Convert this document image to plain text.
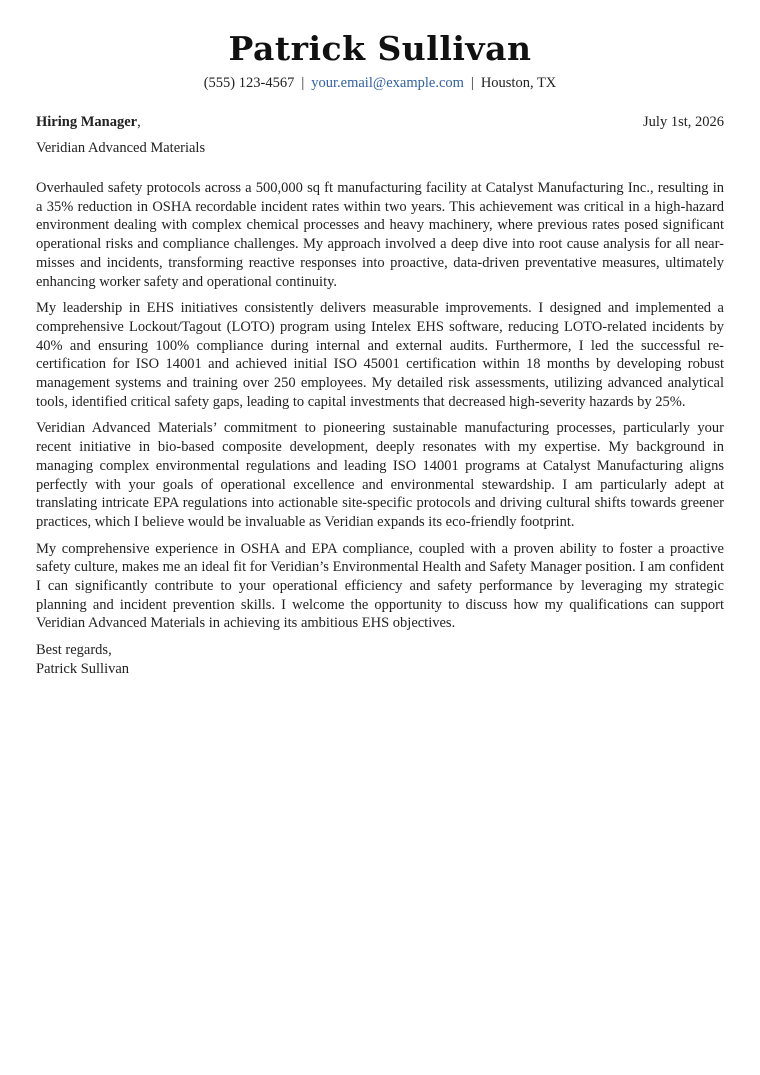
Patrick Sullivan
(555) 123-4567 | your.email@example.com | Houston, TX
Hiring Manager,	July 1st, 2026
Veridian Advanced Materials

Overhauled safety protocols across a 500,000 sq ft manufacturing facility at Catalyst Manufacturing Inc., resulting in a 35% reduction in OSHA recordable incident rates within two years. This achievement was critical in a high-hazard environment dealing with complex chemical processes and heavy machinery, where previous rates posed significant operational risks and compliance challenges. My approach involved a deep dive into root cause analysis for all near-misses and incidents, transforming reactive responses into proactive, data-driven preventative measures, ultimately enhancing worker safety and operational continuity.

My leadership in EHS initiatives consistently delivers measurable improvements. I designed and implemented a comprehensive Lockout/Tagout (LOTO) program using Intelex EHS software, reducing LOTO-related incidents by 40% and ensuring 100% compliance during internal and external audits. Furthermore, I led the successful re-certification for ISO 14001 and achieved initial ISO 45001 certification within 18 months by developing robust management systems and training over 250 employees. My detailed risk assessments, utilizing advanced analytical tools, identified critical safety gaps, leading to capital investments that decreased high-severity hazards by 25%.

Veridian Advanced Materials’ commitment to pioneering sustainable manufacturing processes, particularly your recent initiative in bio-based composite development, deeply resonates with my expertise. My background in managing complex environmental regulations and leading ISO 14001 programs at Catalyst Manufacturing aligns perfectly with your goals of operational excellence and environmental stewardship. I am particularly adept at translating intricate EPA regulations into actionable site-specific protocols and driving cultural shifts towards greener practices, which I believe would be invaluable as Veridian expands its eco-friendly footprint.

My comprehensive experience in OSHA and EPA compliance, coupled with a proven ability to foster a proactive safety culture, makes me an ideal fit for Veridian’s Environmental Health and Safety Manager position. I am confident I can significantly contribute to your operational efficiency and safety performance by leveraging my strategic planning and incident prevention skills. I welcome the opportunity to discuss how my qualifications can support Veridian Advanced Materials in achieving its ambitious EHS objectives.

Best regards,
Patrick Sullivan
